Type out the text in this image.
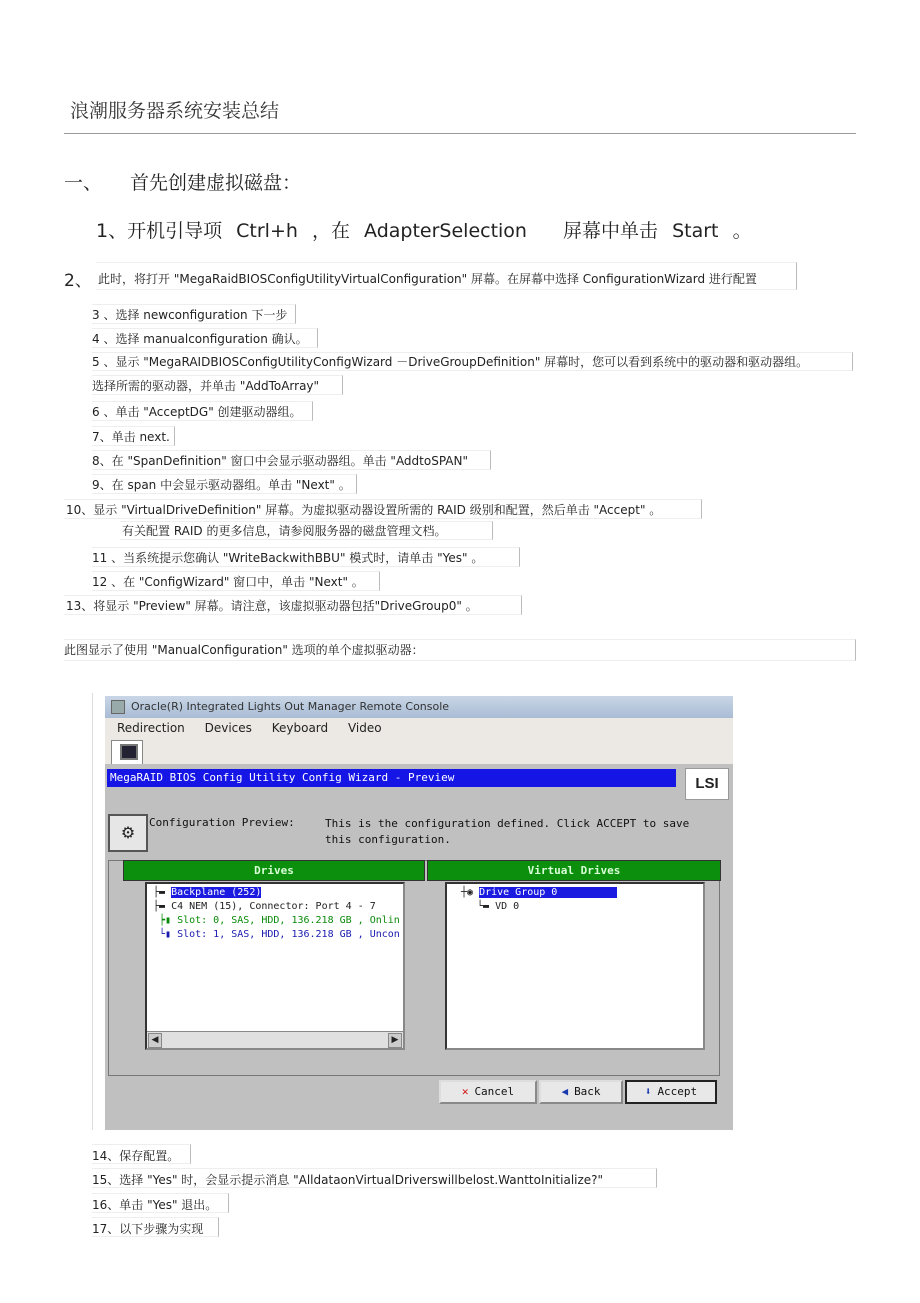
浪潮服务器系统安装总结
一、 首先创建虚拟磁盘：
1、开机引导项 Ctrl+h ，在 AdapterSelection 屏幕中单击 Start 。
2、 此时，将打开 "MegaRaidBIOSConfigUtilityVirtualConfiguration" 屏幕。在屏幕中选择 ConfigurationWizard 进行配置
3 、选择 newconfiguration 下一步
4 、选择 manualconfiguration 确认。
5 、显示 "MegaRAIDBIOSConfigUtilityConfigWizard －DriveGroupDefinition" 屏幕时，您可以看到系统中的驱动器和驱动器组。
选择所需的驱动器，并单击 "AddToArray"
6 、单击 "AcceptDG" 创建驱动器组。
7、单击 next.
8、在 "SpanDefinition" 窗口中会显示驱动器组。单击 "AddtoSPAN"
9、在 span 中会显示驱动器组。单击 "Next" 。
10、显示 "VirtualDriveDefinition" 屏幕。为虚拟驱动器设置所需的 RAID 级别和配置，然后单击 "Accept" 。
有关配置 RAID 的更多信息，请参阅服务器的磁盘管理文档。
11 、当系统提示您确认 "WriteBackwithBBU" 模式时，请单击 "Yes" 。
12 、在 "ConfigWizard" 窗口中，单击 "Next" 。
13、将显示 "Preview" 屏幕。请注意，该虚拟驱动器包括"DriveGroup0" 。
此图显示了使用 "ManualConfiguration" 选项的单个虚拟驱动器：
Oracle(R) Integrated Lights Out Manager Remote Console
Redirection Devices Keyboard Video
MegaRAID BIOS Config Utility Config Wizard - Preview	LSI
⚙
Configuration Preview:	This is the configuration defined. Click ACCEPT to save this configuration.
Drives	Virtual Drives
├▬ Backplane (252)
├▬ C4 NEM (15), Connector: Port 4 - 7
┝▮ Slot: 0, SAS, HDD, 136.218 GB , Onlin
└▮ Slot: 1, SAS, HDD, 136.218 GB , Uncon
◀	▶
┼◉ Drive Group 0
└▬ VD 0
✕ Cancel	◀ Back	⬇ Accept
14、保存配置。
15、选择 "Yes" 时，会显示提示消息 "AlldataonVirtualDriverswillbelost.WanttoInitialize?"
16、单击 "Yes" 退出。
17、以下步骤为实现
